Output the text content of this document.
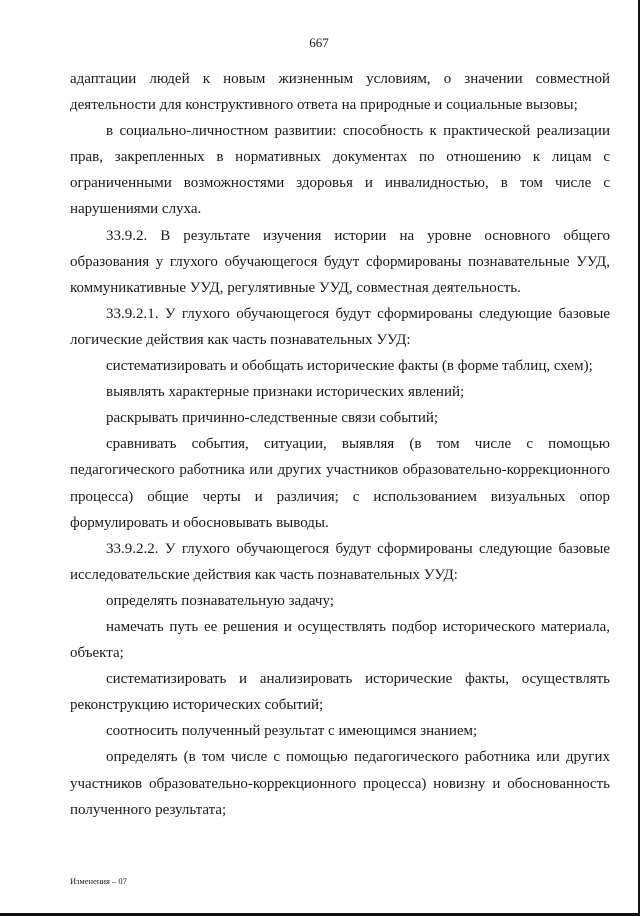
667

адаптации людей к новым жизненным условиям, о значении совместной деятельности для конструктивного ответа на природные и социальные вызовы;

в социально-личностном развитии: способность к практической реализации прав, закрепленных в нормативных документах по отношению к лицам с ограниченными возможностями здоровья и инвалидностью, в том числе с нарушениями слуха.

33.9.2. В результате изучения истории на уровне основного общего образования у глухого обучающегося будут сформированы познавательные УУД, коммуникативные УУД, регулятивные УУД, совместная деятельность.

33.9.2.1. У глухого обучающегося будут сформированы следующие базовые логические действия как часть познавательных УУД:

систематизировать и обобщать исторические факты (в форме таблиц, схем);

выявлять характерные признаки исторических явлений;

раскрывать причинно-следственные связи событий;

сравнивать события, ситуации, выявляя (в том числе с помощью педагогического работника или других участников образовательно-коррекционного процесса) общие черты и различия; с использованием визуальных опор формулировать и обосновывать выводы.

33.9.2.2. У глухого обучающегося будут сформированы следующие базовые исследовательские действия как часть познавательных УУД:

определять познавательную задачу;

намечать путь ее решения и осуществлять подбор исторического материала, объекта;

систематизировать и анализировать исторические факты, осуществлять реконструкцию исторических событий;

соотносить полученный результат с имеющимся знанием;

определять (в том числе с помощью педагогического работника или других участников образовательно-коррекционного процесса) новизну и обоснованность полученного результата;

Изменения – 07
